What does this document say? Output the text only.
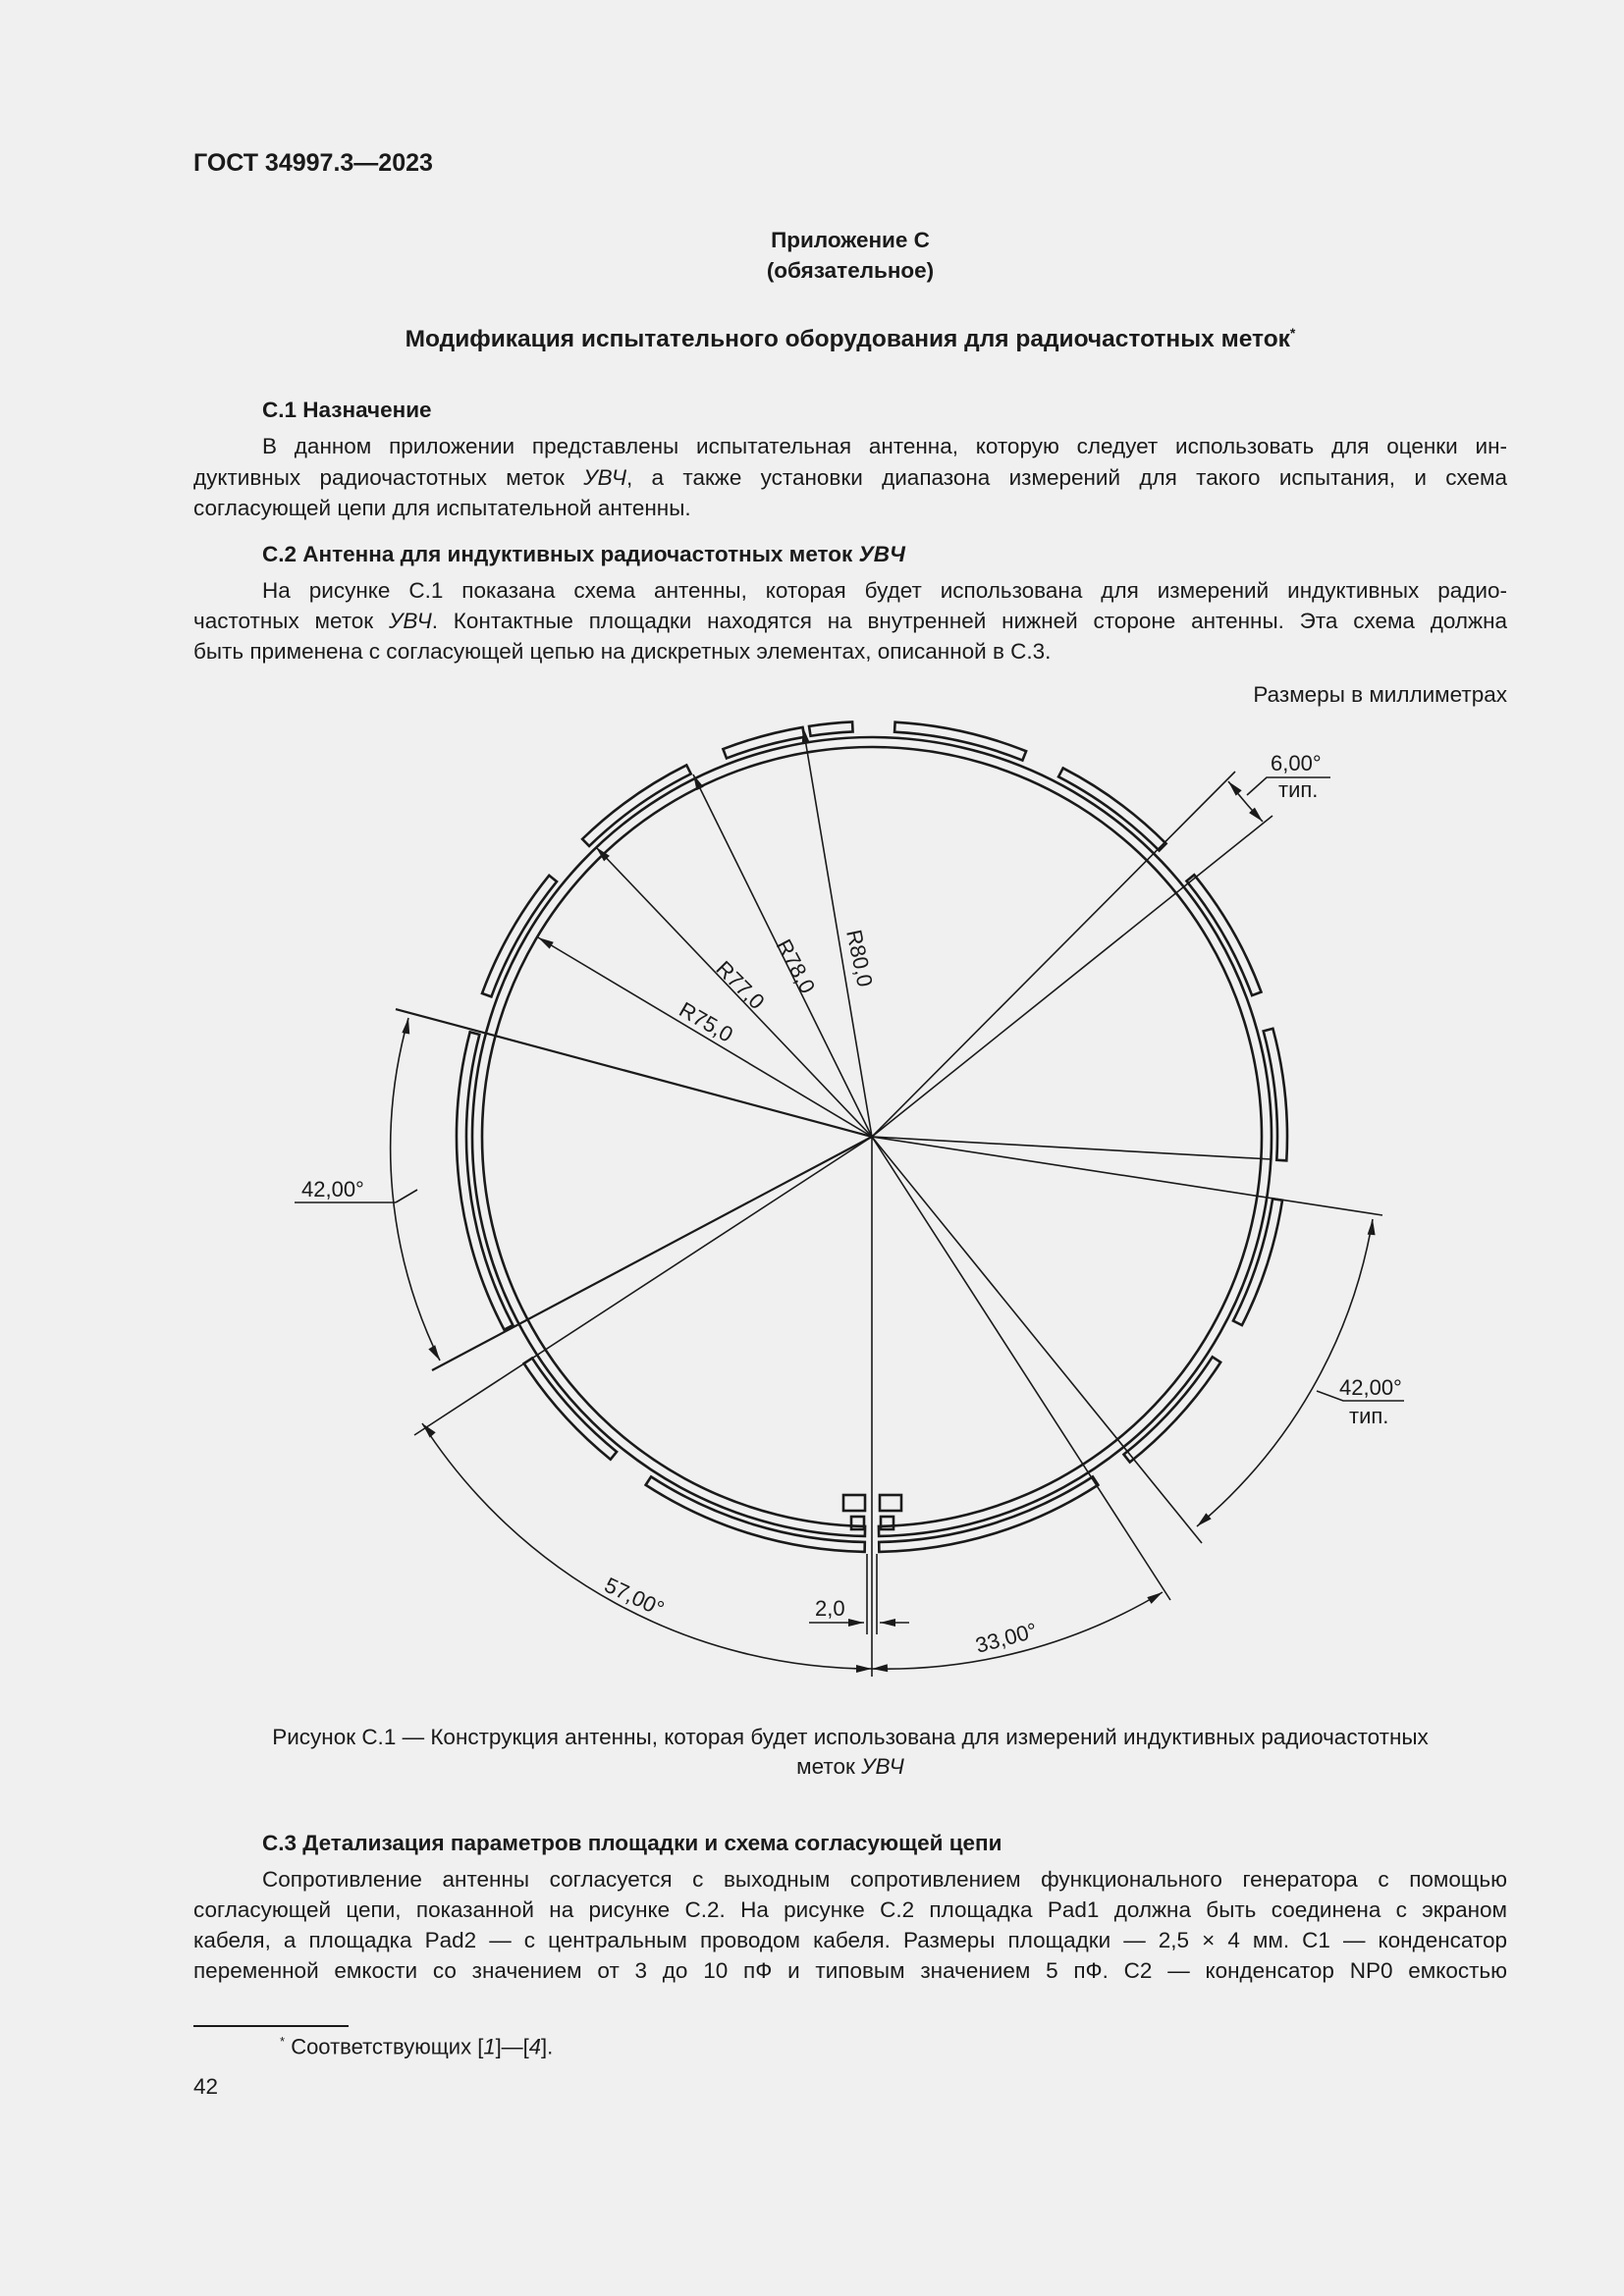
ГОСТ 34997.3—2023
Приложение С
(обязательное)
Модификация испытательного оборудования для радиочастотных меток*
С.1 Назначение
В данном приложении представлены испытательная антенна, которую следует использовать для оценки ин-
дуктивных радиочастотных меток УВЧ, а также установки диапазона измерений для такого испытания, и схема
согласующей цепи для испытательной антенны.
С.2 Антенна для индуктивных радиочастотных меток УВЧ
На рисунке С.1 показана схема антенны, которая будет использована для измерений индуктивных радио-
частотных меток УВЧ. Контактные площадки находятся на внутренней нижней стороне антенны. Эта схема должна
быть применена с согласующей цепью на дискретных элементах, описанной в С.3.
Размеры в миллиметрах
R80,0
R78,0
R77,0
R75,0
6,00°
тип.
42,00°
42,00°
тип.
57,00°
33,00°
2,0
Рисунок С.1 — Конструкция антенны, которая будет использована для измерений индуктивных радиочастотных
меток УВЧ
С.3 Детализация параметров площадки и схема согласующей цепи
Сопротивление антенны согласуется с выходным сопротивлением функционального генератора с помощью
согласующей цепи, показанной на рисунке С.2. На рисунке С.2 площадка Pad1 должна быть соединена с экраном
кабеля, а площадка Pad2 — с центральным проводом кабеля. Размеры площадки — 2,5 × 4 мм. С1 — конденсатор
переменной емкости со значением от 3 до 10 пФ и типовым значением 5 пФ. С2 — конденсатор NP0 емкостью
* Соответствующих [1]—[4].
42
